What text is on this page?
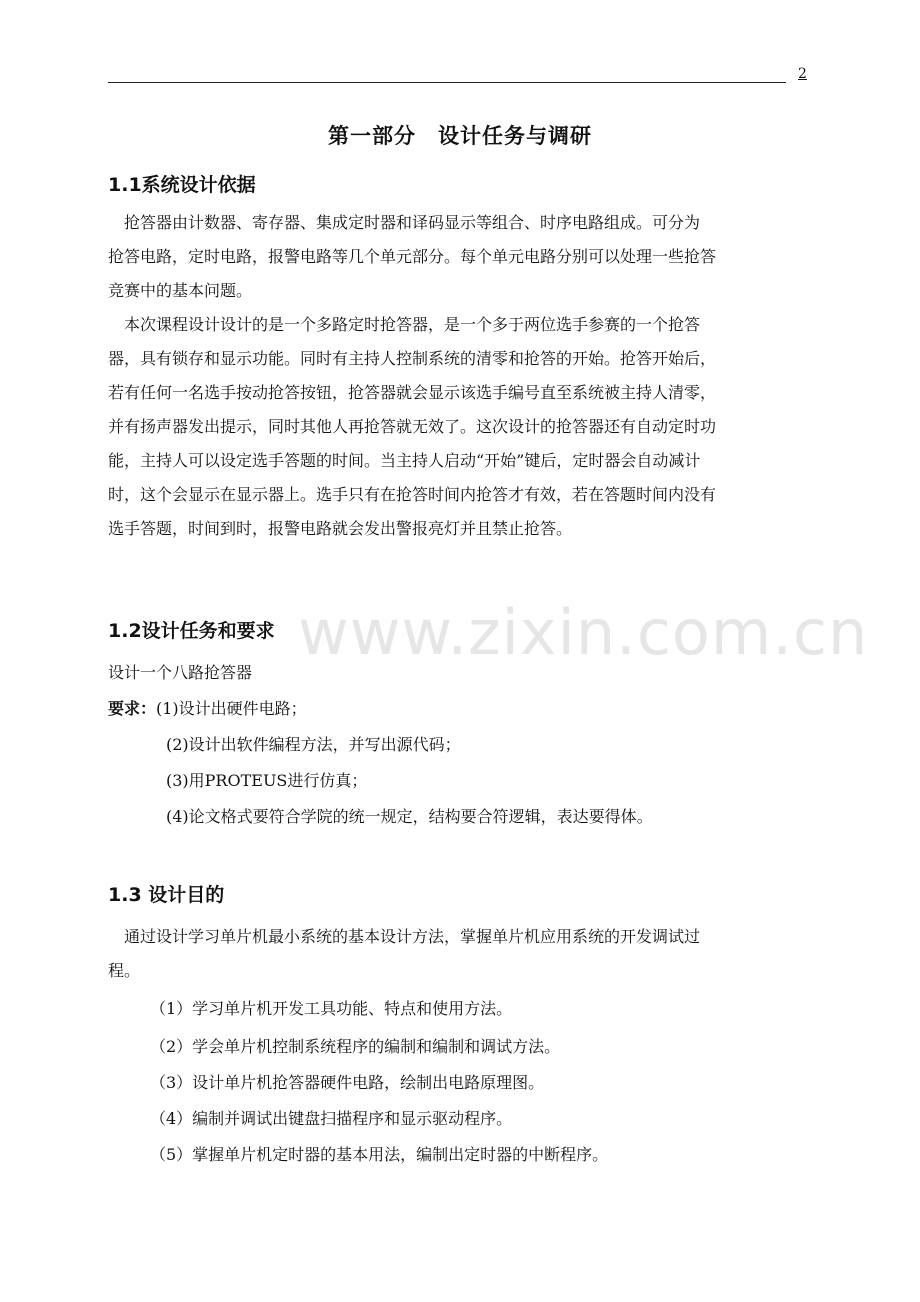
www.zixin.com.cn
2
第一部分　设计任务与调研
1.1系统设计依据
　抢答器由计数器、寄存器、集成定时器和译码显示等组合、时序电路组成。可分为
抢答电路，定时电路，报警电路等几个单元部分。每个单元电路分别可以处理一些抢答
竞赛中的基本问题。
　本次课程设计设计的是一个多路定时抢答器，是一个多于两位选手参赛的一个抢答
器，具有锁存和显示功能。同时有主持人控制系统的清零和抢答的开始。抢答开始后，
若有任何一名选手按动抢答按钮，抢答器就会显示该选手编号直至系统被主持人清零，
并有扬声器发出提示，同时其他人再抢答就无效了。这次设计的抢答器还有自动定时功
能，主持人可以设定选手答题的时间。当主持人启动“开始”键后，定时器会自动减计
时，这个会显示在显示器上。选手只有在抢答时间内抢答才有效，若在答题时间内没有
选手答题，时间到时，报警电路就会发出警报亮灯并且禁止抢答。
1.2设计任务和要求
设计一个八路抢答器
要求： (1)设计出硬件电路；
(2)设计出软件编程方法，并写出源代码；
(3)用PROTEUS进行仿真；
(4)论文格式要符合学院的统一规定，结构要合符逻辑，表达要得体。
1.3 设计目的
　通过设计学习单片机最小系统的基本设计方法，掌握单片机应用系统的开发调试过
程。
（1）学习单片机开发工具功能、特点和使用方法。
（2）学会单片机控制系统程序的编制和编制和调试方法。
（3）设计单片机抢答器硬件电路，绘制出电路原理图。
（4）编制并调试出键盘扫描程序和显示驱动程序。
（5）掌握单片机定时器的基本用法，编制出定时器的中断程序。
